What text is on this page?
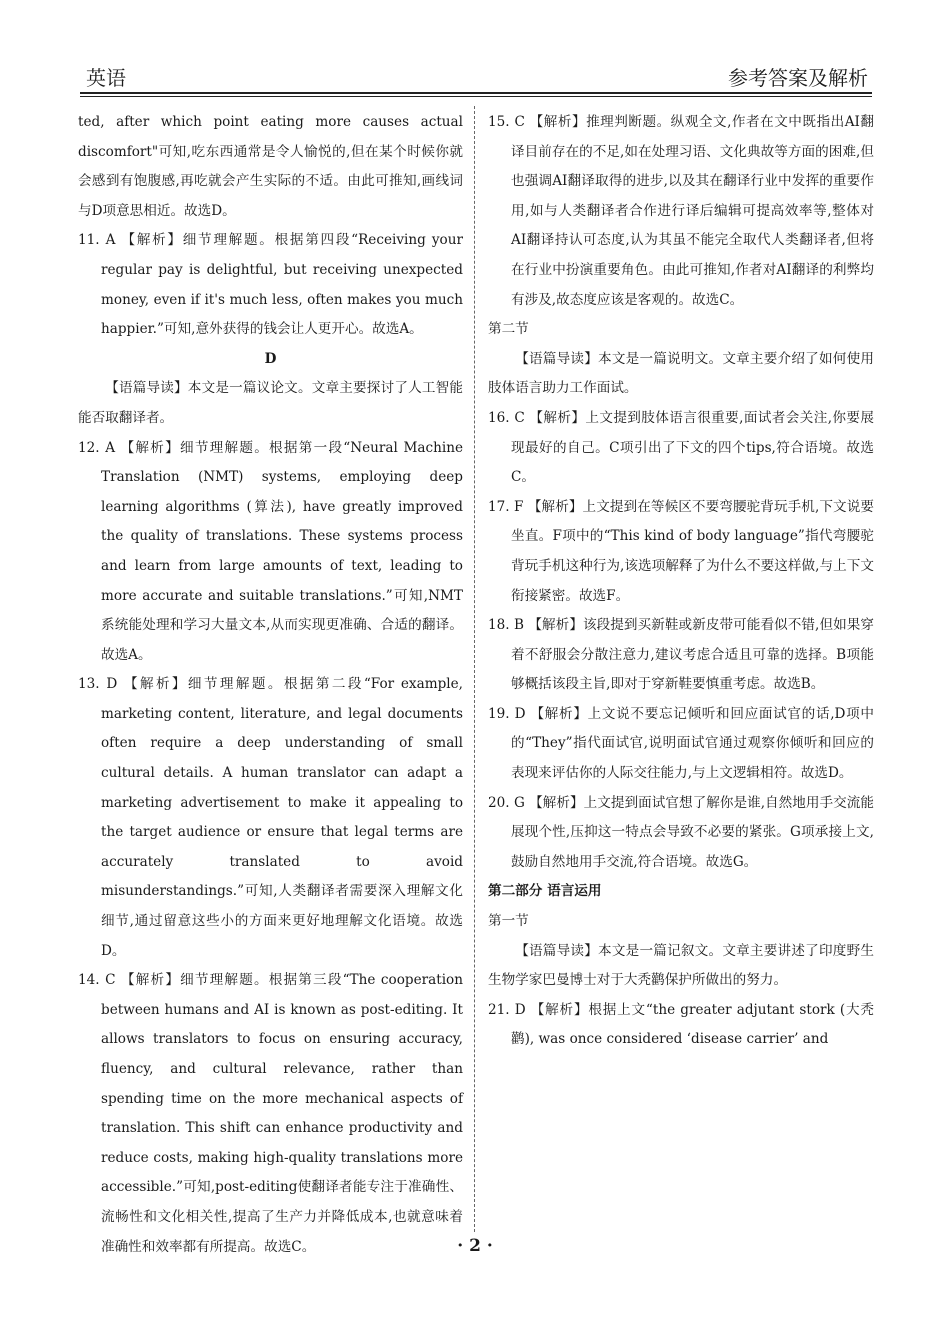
英语	参考答案及解析

ted, after which point eating more causes actual discomfort"可知,吃东西通常是令人愉悦的,但在某个时候你就会感到有饱腹感,再吃就会产生实际的不适。由此可推知,画线词与D项意思相近。故选D。

11. A 【解析】细节理解题。根据第四段“Receiving your regular pay is delightful, but receiving unexpected money, even if it's much less, often makes you much happier.”可知,意外获得的钱会让人更开心。故选A。

D

【语篇导读】本文是一篇议论文。文章主要探讨了人工智能能否取翻译者。

12. A 【解析】细节理解题。根据第一段“Neural Machine Translation (NMT) systems, employing deep learning algorithms (算法), have greatly improved the quality of translations. These systems process and learn from large amounts of text, leading to more accurate and suitable translations.”可知,NMT系统能处理和学习大量文本,从而实现更准确、合适的翻译。故选A。

13. D 【解析】细节理解题。根据第二段“For example, marketing content, literature, and legal documents often require a deep understanding of small cultural details. A human translator can adapt a marketing advertisement to make it appealing to the target audience or ensure that legal terms are accurately translated to avoid misunderstandings.”可知,人类翻译者需要深入理解文化细节,通过留意这些小的方面来更好地理解文化语境。故选D。

14. C 【解析】细节理解题。根据第三段“The cooperation between humans and AI is known as post-editing. It allows translators to focus on ensuring accuracy, fluency, and cultural relevance, rather than spending time on the more mechanical aspects of translation. This shift can enhance productivity and reduce costs, making high-quality translations more accessible.”可知,post-editing使翻译者能专注于准确性、流畅性和文化相关性,提高了生产力并降低成本,也就意味着准确性和效率都有所提高。故选C。

15. C 【解析】推理判断题。纵观全文,作者在文中既指出AI翻译目前存在的不足,如在处理习语、文化典故等方面的困难,但也强调AI翻译取得的进步,以及其在翻译行业中发挥的重要作用,如与人类翻译者合作进行译后编辑可提高效率等,整体对AI翻译持认可态度,认为其虽不能完全取代人类翻译者,但将在行业中扮演重要角色。由此可推知,作者对AI翻译的利弊均有涉及,故态度应该是客观的。故选C。

第二节

【语篇导读】本文是一篇说明文。文章主要介绍了如何使用肢体语言助力工作面试。

16. C 【解析】上文提到肢体语言很重要,面试者会关注,你要展现最好的自己。C项引出了下文的四个tips,符合语境。故选C。

17. F 【解析】上文提到在等候区不要弯腰驼背玩手机,下文说要坐直。F项中的“This kind of body language”指代弯腰驼背玩手机这种行为,该选项解释了为什么不要这样做,与上下文衔接紧密。故选F。

18. B 【解析】该段提到买新鞋或新皮带可能看似不错,但如果穿着不舒服会分散注意力,建议考虑合适且可靠的选择。B项能够概括该段主旨,即对于穿新鞋要慎重考虑。故选B。

19. D 【解析】上文说不要忘记倾听和回应面试官的话,D项中的“They”指代面试官,说明面试官通过观察你倾听和回应的表现来评估你的人际交往能力,与上文逻辑相符。故选D。

20. G 【解析】上文提到面试官想了解你是谁,自然地用手交流能展现个性,压抑这一特点会导致不必要的紧张。G项承接上文,鼓励自然地用手交流,符合语境。故选G。

第二部分 语言运用

第一节

【语篇导读】本文是一篇记叙文。文章主要讲述了印度野生生物学家巴曼博士对于大秃鹳保护所做出的努力。

21. D 【解析】根据上文“the greater adjutant stork (大秃鹳), was once considered ‘disease carrier’ and

· 2 ·
